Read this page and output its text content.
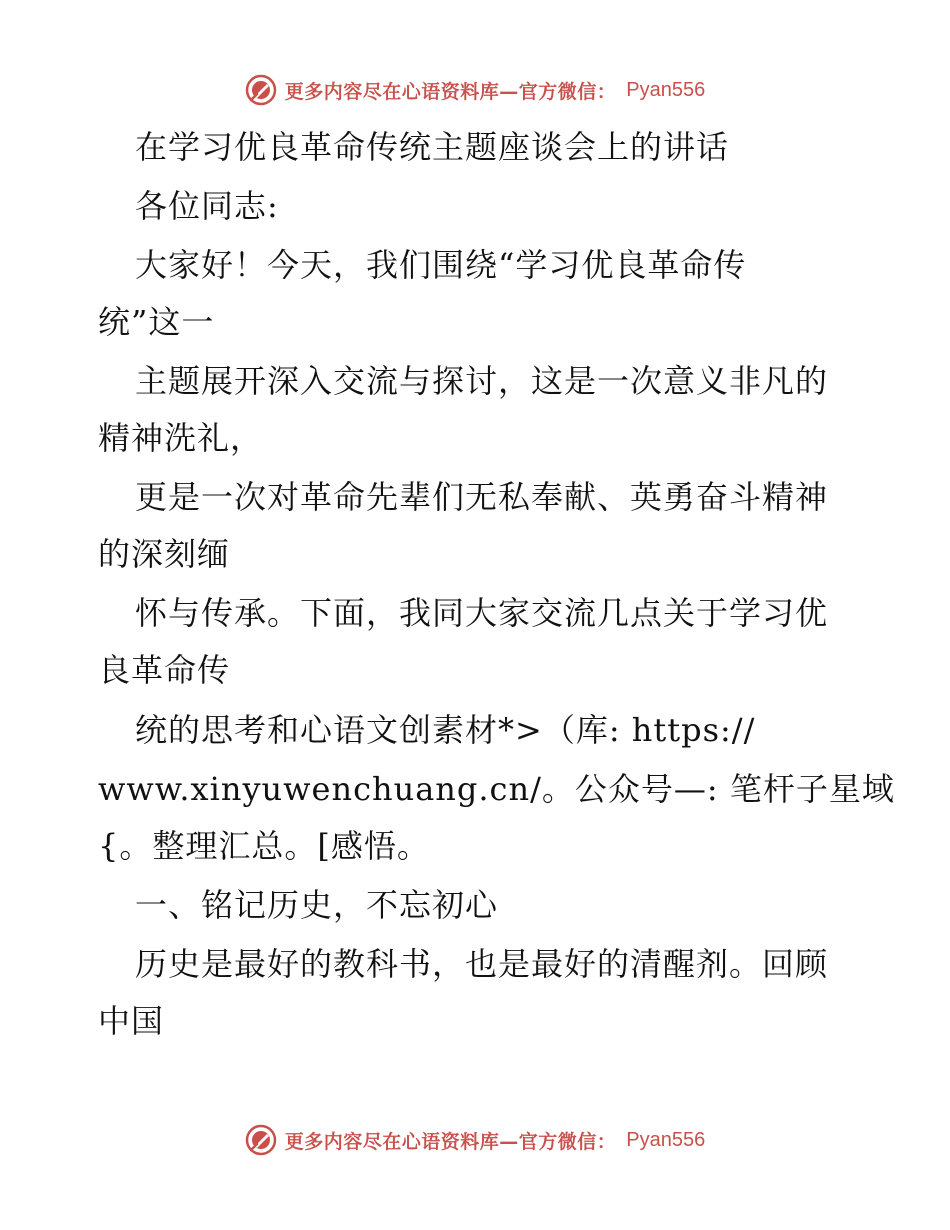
更多内容尽在心语资料库—官方微信： Pyan556
在学习优良革命传统主题座谈会上的讲话
各位同志:
大家好！今天，我们围绕“学习优良革命传
统”这一
主题展开深入交流与探讨，这是一次意义非凡的
精神洗礼，
更是一次对革命先辈们无私奉献、英勇奋斗精神
的深刻缅
怀与传承。下面，我同大家交流几点关于学习优
良革命传
统的思考和心语文创素材*>（库: https://
www.xinyuwenchuang.cn/。公众号—: 笔杆子星域
{。整理汇总。[感悟。
一、铭记历史，不忘初心
历史是最好的教科书，也是最好的清醒剂。回顾
中国
更多内容尽在心语资料库—官方微信： Pyan556
